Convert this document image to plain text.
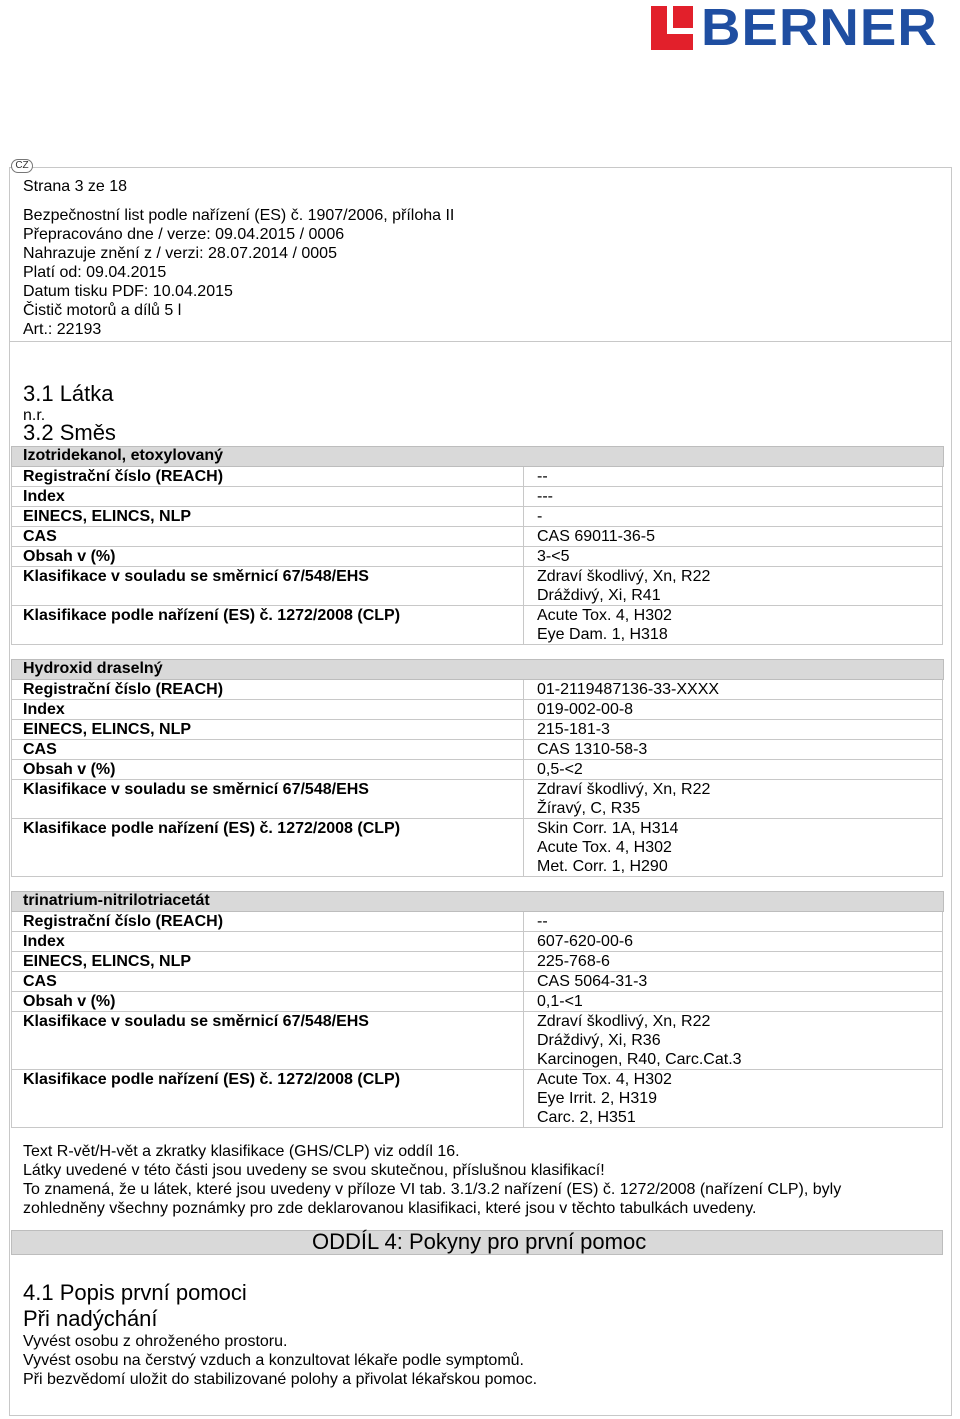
BERNER
CZ
Strana 3 ze 18
Bezpečnostní list podle nařízení (ES) č. 1907/2006, příloha II
Přepracováno dne / verze: 09.04.2015 / 0006
Nahrazuje znění z / verzi: 28.07.2014 / 0005
Platí od: 09.04.2015
Datum tisku PDF: 10.04.2015
Čistič motorů a dílů 5 l
Art.: 22193
3.1 Látka
n.r.
3.2 Směs
Izotridekanol, etoxylovaný
Registrační číslo (REACH)	--
Index	---
EINECS, ELINCS, NLP	-
CAS	CAS 69011-36-5
Obsah v (%)	3-<5
Klasifikace v souladu se směrnicí 67/548/EHS	Zdraví škodlivý, Xn, R22
Dráždivý, Xi, R41
Klasifikace podle nařízení (ES) č. 1272/2008 (CLP)	Acute Tox. 4, H302
Eye Dam. 1, H318
Hydroxid draselný
Registrační číslo (REACH)	01-2119487136-33-XXXX
Index	019-002-00-8
EINECS, ELINCS, NLP	215-181-3
CAS	CAS 1310-58-3
Obsah v (%)	0,5-<2
Klasifikace v souladu se směrnicí 67/548/EHS	Zdraví škodlivý, Xn, R22
Žíravý, C, R35
Klasifikace podle nařízení (ES) č. 1272/2008 (CLP)	Skin Corr. 1A, H314
Acute Tox. 4, H302
Met. Corr. 1, H290
trinatrium-nitrilotriacetát
Registrační číslo (REACH)	--
Index	607-620-00-6
EINECS, ELINCS, NLP	225-768-6
CAS	CAS 5064-31-3
Obsah v (%)	0,1-<1
Klasifikace v souladu se směrnicí 67/548/EHS	Zdraví škodlivý, Xn, R22
Dráždivý, Xi, R36
Karcinogen, R40, Carc.Cat.3
Klasifikace podle nařízení (ES) č. 1272/2008 (CLP)	Acute Tox. 4, H302
Eye Irrit. 2, H319
Carc. 2, H351
Text R-vět/H-vět a zkratky klasifikace (GHS/CLP) viz oddíl 16.
Látky uvedené v této části jsou uvedeny se svou skutečnou, příslušnou klasifikací!
To znamená, že u látek, které jsou uvedeny v příloze VI tab. 3.1/3.2 nařízení (ES) č. 1272/2008 (nařízení CLP), byly
zohledněny všechny poznámky pro zde deklarovanou klasifikaci, které jsou v těchto tabulkách uvedeny.
ODDÍL 4: Pokyny pro první pomoc
4.1 Popis první pomoci
Při nadýchání
Vyvést osobu z ohroženého prostoru.
Vyvést osobu na čerstvý vzduch a konzultovat lékaře podle symptomů.
Při bezvědomí uložit do stabilizované polohy a přivolat lékařskou pomoc.
